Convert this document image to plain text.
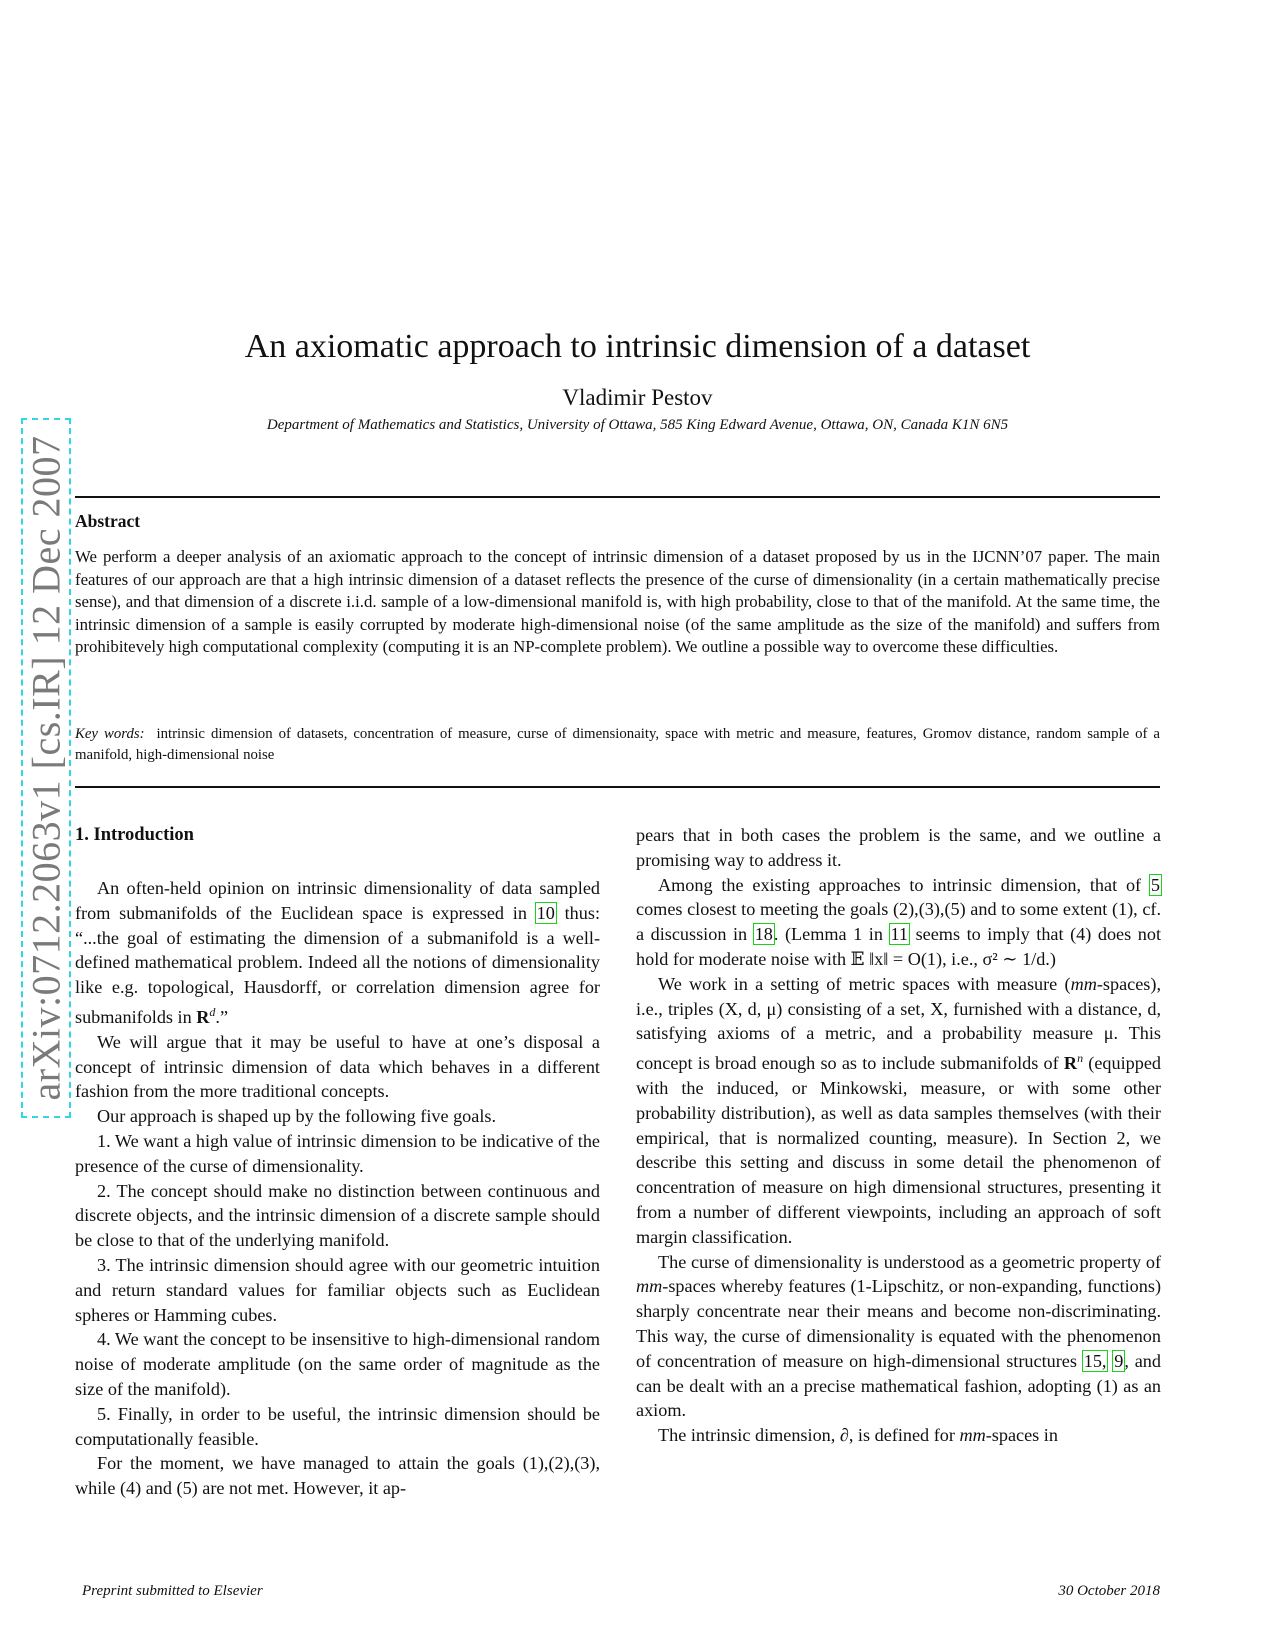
arXiv:0712.2063v1 [cs.IR] 12 Dec 2007
An axiomatic approach to intrinsic dimension of a dataset
Vladimir Pestov
Department of Mathematics and Statistics, University of Ottawa, 585 King Edward Avenue, Ottawa, ON, Canada K1N 6N5
Abstract

We perform a deeper analysis of an axiomatic approach to the concept of intrinsic dimension of a dataset proposed by us in the IJCNN’07 paper. The main features of our approach are that a high intrinsic dimension of a dataset reflects the presence of the curse of dimensionality (in a certain mathematically precise sense), and that dimension of a discrete i.i.d. sample of a low-dimensional manifold is, with high probability, close to that of the manifold. At the same time, the intrinsic dimension of a sample is easily corrupted by moderate high-dimensional noise (of the same amplitude as the size of the manifold) and suffers from prohibitevely high computational complexity (computing it is an NP-complete problem). We outline a possible way to overcome these difficulties.

Key words: intrinsic dimension of datasets, concentration of measure, curse of dimensionaity, space with metric and measure, features, Gromov distance, random sample of a manifold, high-dimensional noise

1. Introduction

An often-held opinion on intrinsic dimensionality of data sampled from submanifolds of the Euclidean space is expressed in 10 thus: “...the goal of estimating the dimension of a submanifold is a well-defined mathematical problem. Indeed all the notions of dimensionality like e.g. topological, Hausdorff, or correlation dimension agree for submanifolds in $R^d$.”

We will argue that it may be useful to have at one’s disposal a concept of intrinsic dimension of data which behaves in a different fashion from the more traditional concepts.

Our approach is shaped up by the following five goals.

1. We want a high value of intrinsic dimension to be indicative of the presence of the curse of dimensionality.

2. The concept should make no distinction between continuous and discrete objects, and the intrinsic dimension of a discrete sample should be close to that of the underlying manifold.

3. The intrinsic dimension should agree with our geometric intuition and return standard values for familiar objects such as Euclidean spheres or Hamming cubes.

4. We want the concept to be insensitive to high-dimensional random noise of moderate amplitude (on the same order of magnitude as the size of the manifold).

5. Finally, in order to be useful, the intrinsic dimension should be computationally feasible.

For the moment, we have managed to attain the goals (1),(2),(3), while (4) and (5) are not met. However, it ap-

pears that in both cases the problem is the same, and we outline a promising way to address it.

Among the existing approaches to intrinsic dimension, that of 5 comes closest to meeting the goals (2),(3),(5) and to some extent (1), cf. a discussion in 18. (Lemma 1 in 11 seems to imply that (4) does not hold for moderate noise with 𝔼 ‖x‖ = O(1), i.e., σ² ∼ 1/d.)

We work in a setting of metric spaces with measure (mm-spaces), i.e., triples (X, d, μ) consisting of a set, X, furnished with a distance, d, satisfying axioms of a metric, and a probability measure μ. This concept is broad enough so as to include submanifolds of $R^n$ (equipped with the induced, or Minkowski, measure, or with some other probability distribution), as well as data samples themselves (with their empirical, that is normalized counting, measure). In Section 2, we describe this setting and discuss in some detail the phenomenon of concentration of measure on high dimensional structures, presenting it from a number of different viewpoints, including an approach of soft margin classification.

The curse of dimensionality is understood as a geometric property of mm-spaces whereby features (1-Lipschitz, or non-expanding, functions) sharply concentrate near their means and become non-discriminating. This way, the curse of dimensionality is equated with the phenomenon of concentration of measure on high-dimensional structures 15, 9, and can be dealt with an a precise mathematical fashion, adopting (1) as an axiom.

The intrinsic dimension, ∂, is defined for mm-spaces in

Preprint submitted to Elsevier	30 October 2018
